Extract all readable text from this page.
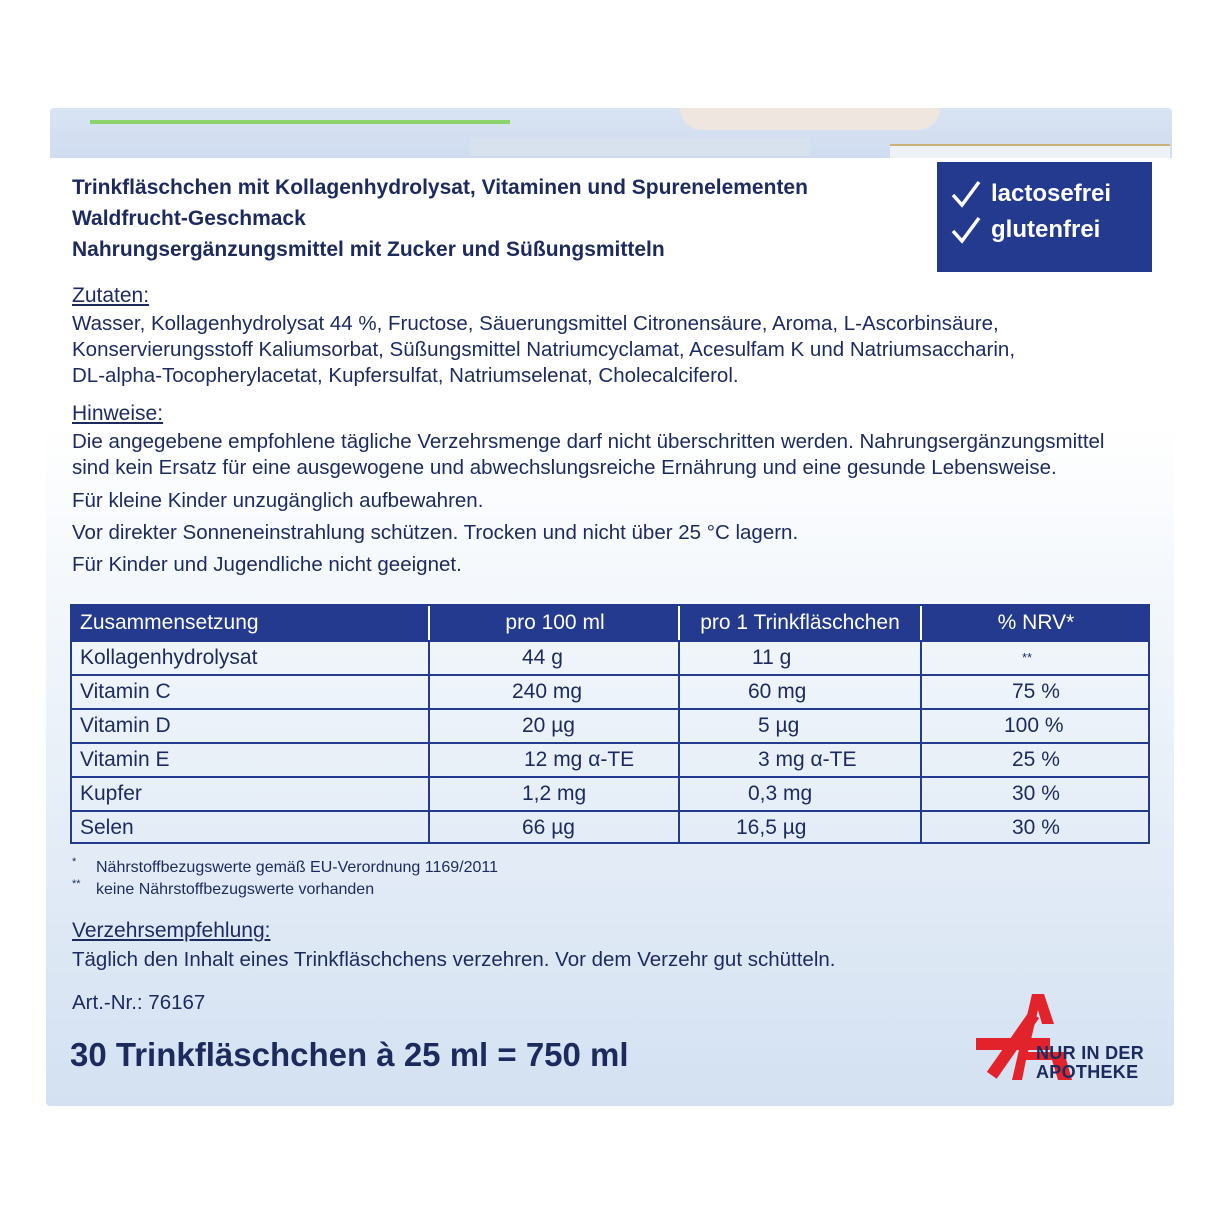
Trinkfläschchen mit Kollagenhydrolysat, Vitaminen und Spurenelementen
Waldfrucht-Geschmack
Nahrungsergänzungsmittel mit Zucker und Süßungsmitteln
lactosefrei
glutenfrei
Zutaten:
Wasser, Kollagenhydrolysat 44 %, Fructose, Säuerungsmittel Citronensäure, Aroma, L-Ascorbinsäure,
Konservierungsstoff Kaliumsorbat, Süßungsmittel Natriumcyclamat, Acesulfam K und Natriumsaccharin,
DL-alpha-Tocopherylacetat, Kupfersulfat, Natriumselenat, Cholecalciferol.
Hinweise:
Die angegebene empfohlene tägliche Verzehrsmenge darf nicht überschritten werden. Nahrungsergänzungsmittel
sind kein Ersatz für eine ausgewogene und abwechslungsreiche Ernährung und eine gesunde Lebensweise.
Für kleine Kinder unzugänglich aufbewahren.
Vor direkter Sonneneinstrahlung schützen. Trocken und nicht über 25 °C lagern.
Für Kinder und Jugendliche nicht geeignet.
Zusammensetzung	pro 100 ml	pro 1 Trinkfläschchen	% NRV*
Kollagenhydrolysat	44 g	11 g	**
Vitamin C	240 mg	60 mg	75 %
Vitamin D	20 µg	5 µg	100 %
Vitamin E	12 mg α-TE	3 mg α-TE	25 %
Kupfer	1,2 mg	0,3 mg	30 %
Selen	66 µg	16,5 µg	30 %
* Nährstoffbezugswerte gemäß EU-Verordnung 1169/2011
** keine Nährstoffbezugswerte vorhanden
Verzehrsempfehlung:
Täglich den Inhalt eines Trinkfläschchens verzehren. Vor dem Verzehr gut schütteln.
Art.-Nr.: 76167
30 Trinkfläschchen à 25 ml = 750 ml	NUR IN DER
APOTHEKE
